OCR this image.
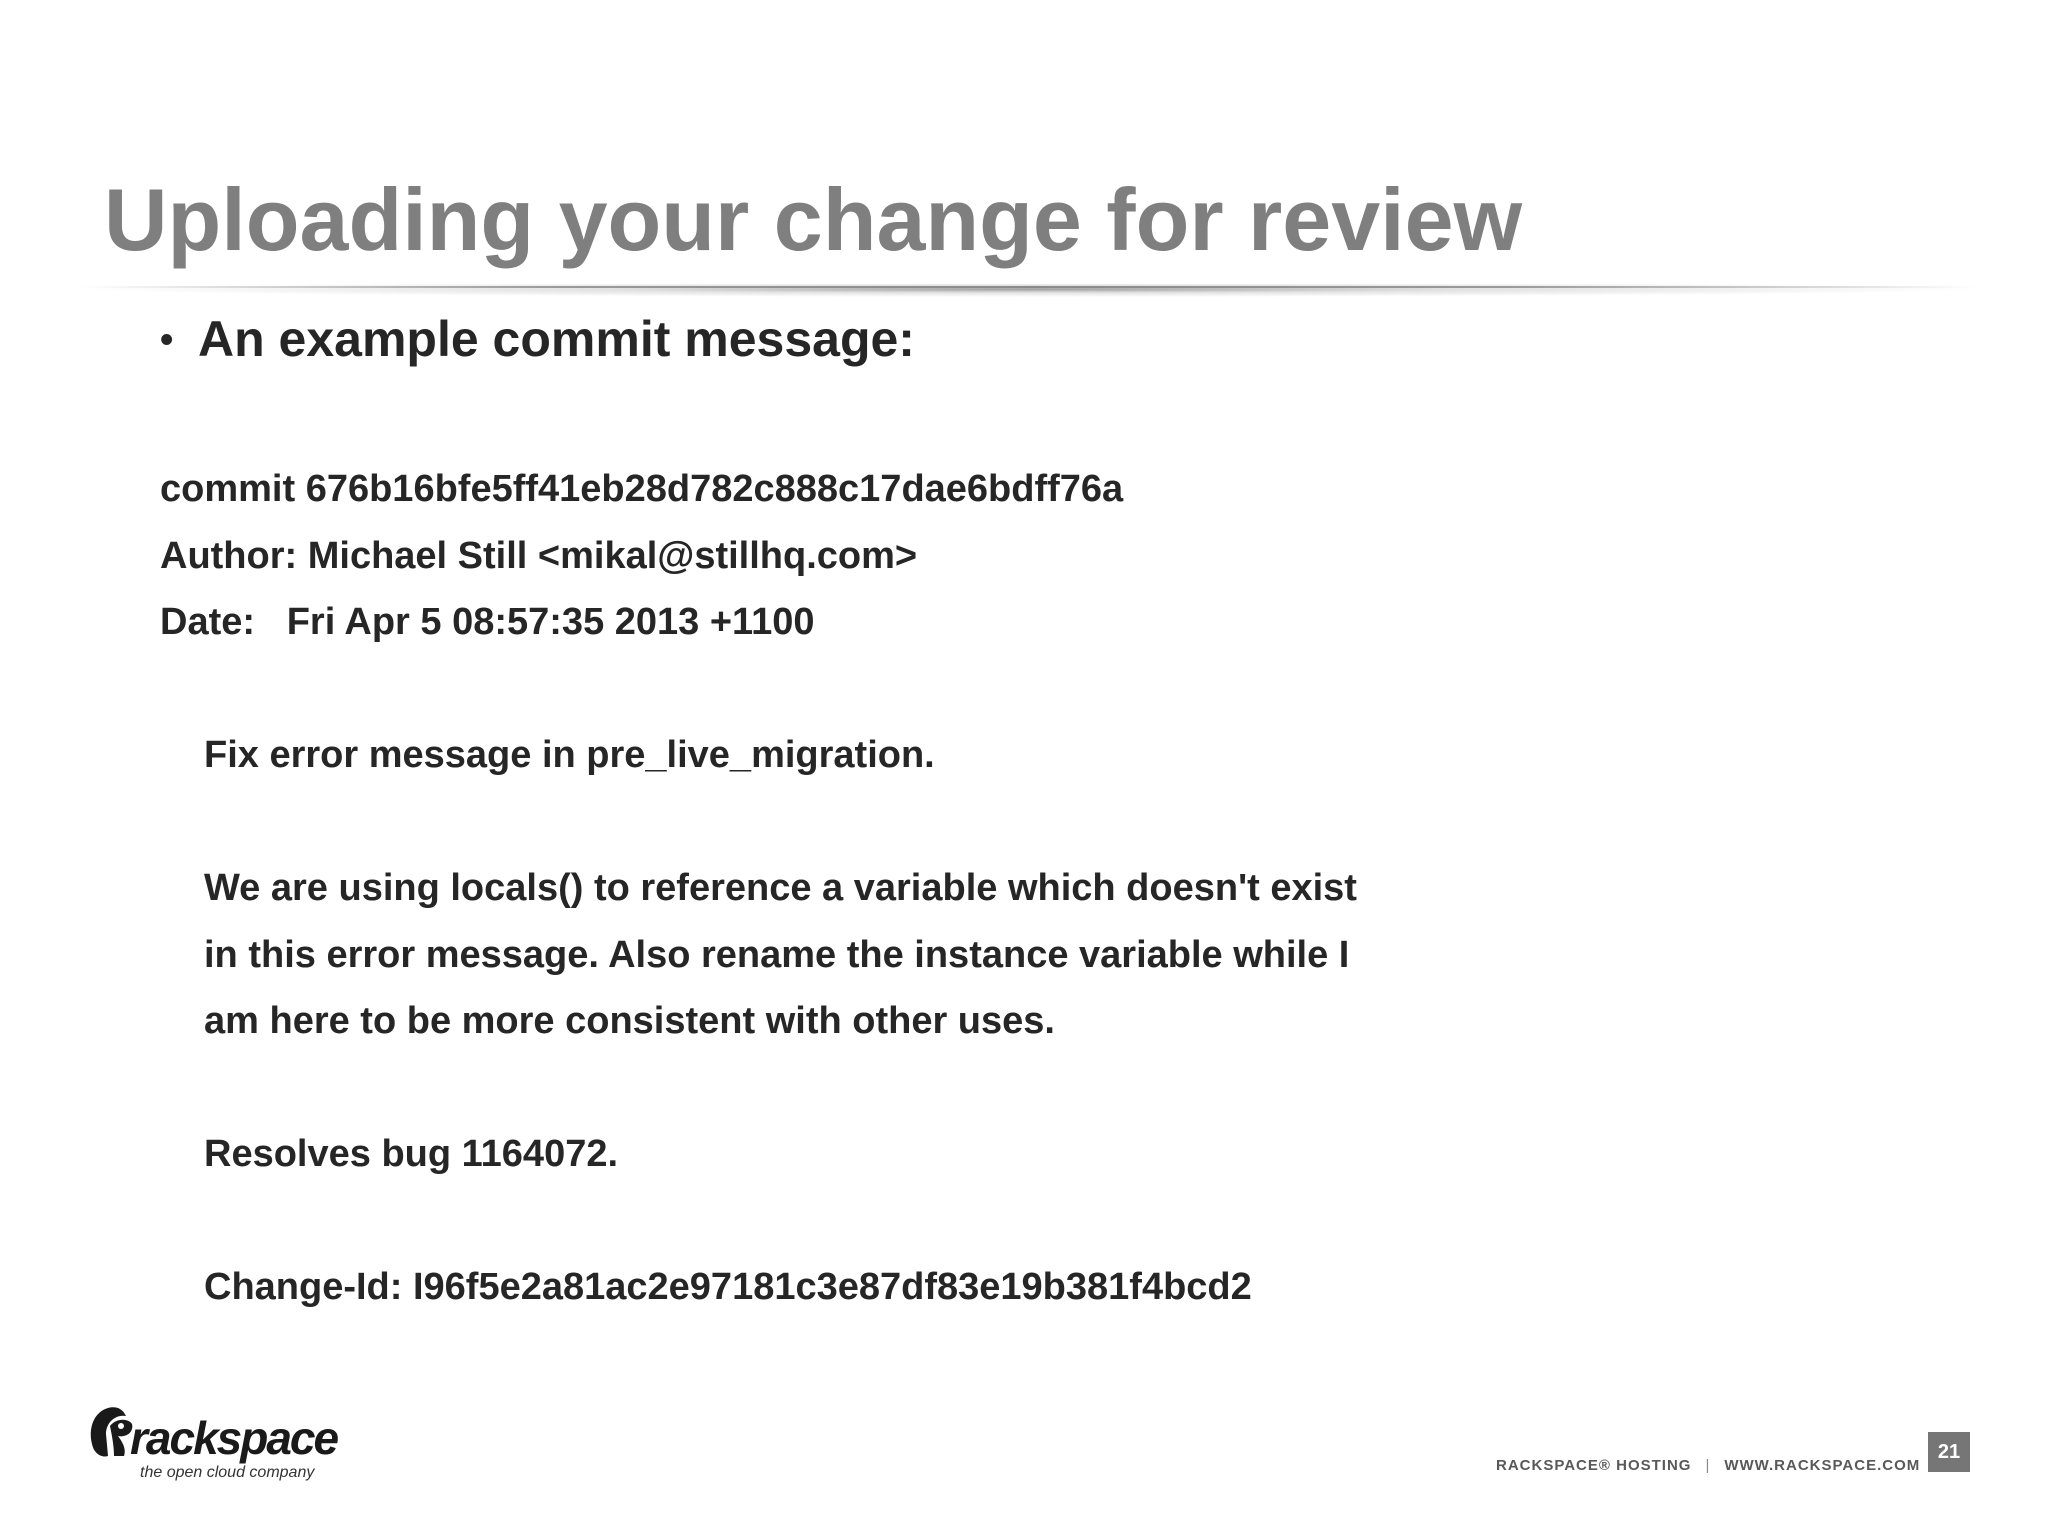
Uploading your change for review
• An example commit message:
commit 676b16bfe5ff41eb28d782c888c17dae6bdff76a
Author: Michael Still <mikal@stillhq.com>
Date:   Fri Apr 5 08:57:35 2013 +1100
Fix error message in pre_live_migration.
We are using locals() to reference a variable which doesn't exist
in this error message. Also rename the instance variable while I
am here to be more consistent with other uses.
Resolves bug 1164072.
Change-Id: I96f5e2a81ac2e97181c3e87df83e19b381f4bcd2
rackspace
the open cloud company	RACKSPACE® HOSTING | WWW.RACKSPACE.COM
21
